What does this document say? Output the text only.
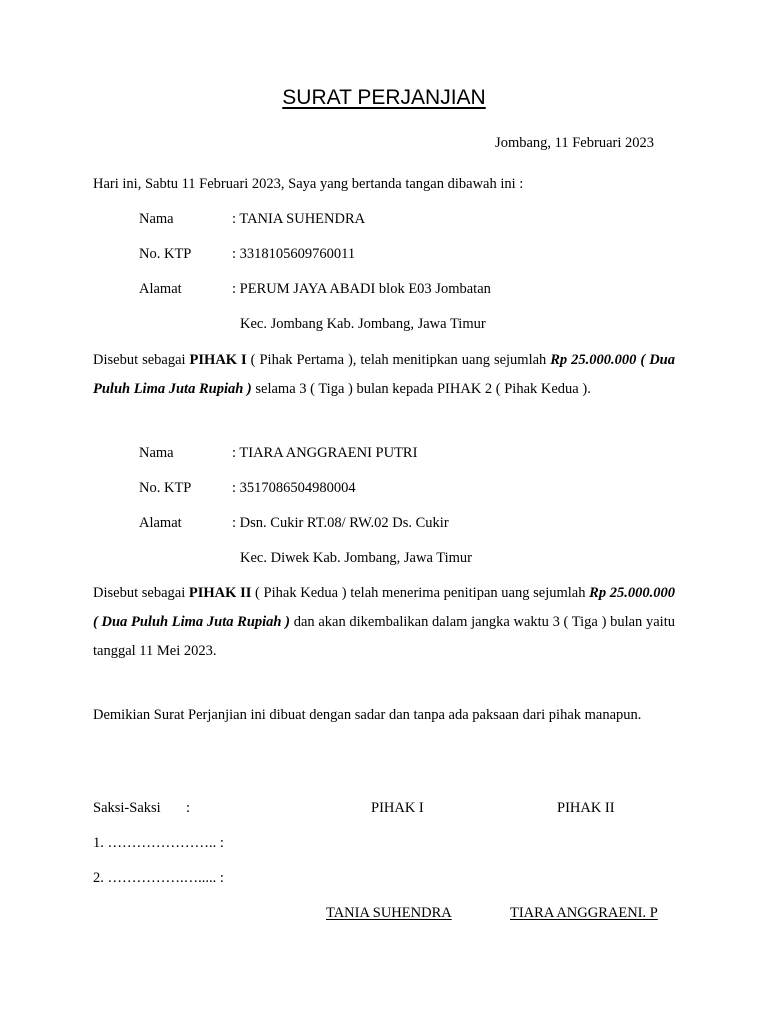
SURAT PERJANJIAN
Jombang, 11 Februari 2023
Hari ini, Sabtu 11 Februari 2023, Saya yang bertanda tangan dibawah ini :
Nama	: TANIA SUHENDRA
No. KTP	: 3318105609760011
Alamat	: PERUM JAYA ABADI blok E03 Jombatan
Kec. Jombang Kab. Jombang, Jawa Timur
Disebut sebagai PIHAK I ( Pihak Pertama ), telah menitipkan uang sejumlah Rp 25.000.000 ( Dua Puluh Lima Juta Rupiah ) selama 3 ( Tiga ) bulan kepada PIHAK 2 ( Pihak Kedua ).
Nama	: TIARA ANGGRAENI PUTRI
No. KTP	: 3517086504980004
Alamat	: Dsn. Cukir RT.08/ RW.02 Ds. Cukir
Kec. Diwek Kab. Jombang, Jawa Timur
Disebut sebagai PIHAK II ( Pihak Kedua ) telah menerima penitipan uang sejumlah Rp 25.000.000 ( Dua Puluh Lima Juta Rupiah ) dan akan dikembalikan dalam jangka waktu 3 ( Tiga ) bulan yaitu tanggal 11 Mei 2023.
Demikian Surat Perjanjian ini dibuat dengan sadar dan tanpa ada paksaan dari pihak manapun.
Saksi-Saksi :	PIHAK I	PIHAK II
1. ………………….. :
2. …………….…..... :
TANIA SUHENDRA	TIARA ANGGRAENI. P
